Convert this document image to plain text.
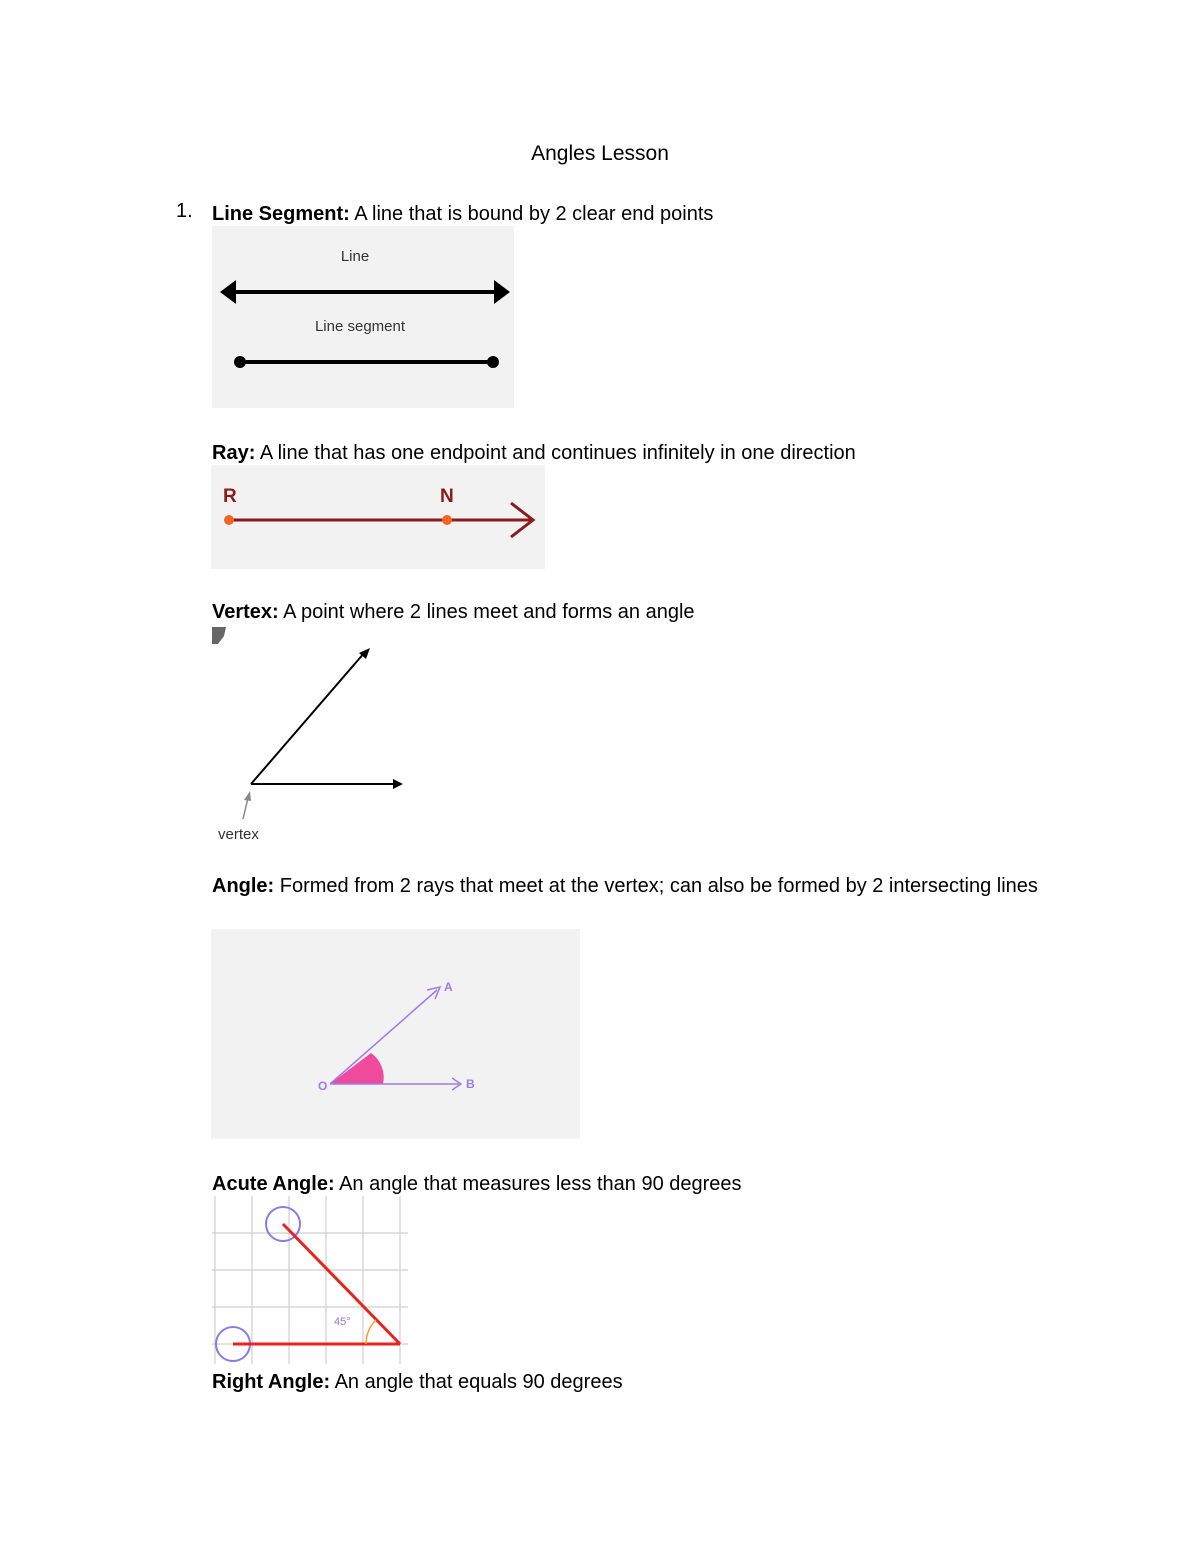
Angles Lesson
1. Line Segment: A line that is bound by 2 clear end points
Line
Line segment
Ray: A line that has one endpoint and continues infinitely in one direction
R	N
Vertex: A point where 2 lines meet and forms an angle
vertex
Angle: Formed from 2 rays that meet at the vertex; can also be formed by 2 intersecting lines
O
A
B
Acute Angle: An angle that measures less than 90 degrees
45°
Right Angle: An angle that equals 90 degrees
